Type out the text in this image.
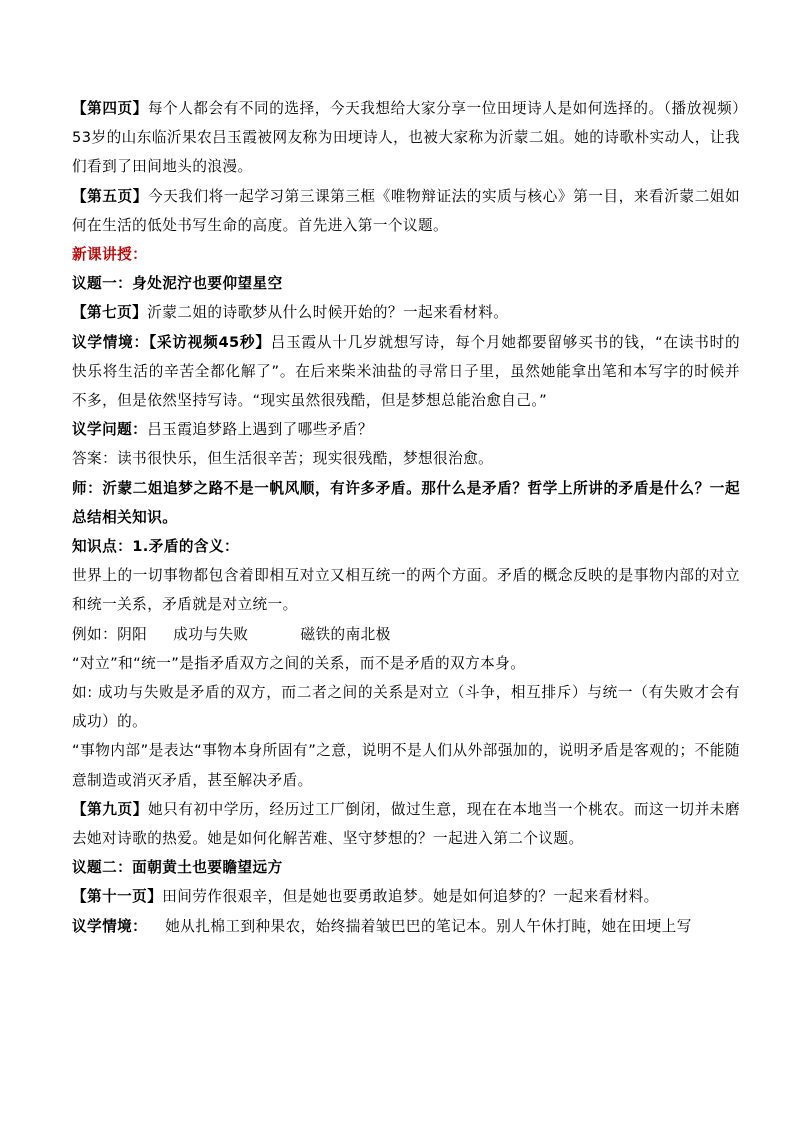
【第四页】每个人都会有不同的选择，今天我想给大家分享一位田埂诗人是如何选择的。（播放视频）53岁的山东临沂果农吕玉霞被网友称为田埂诗人，也被大家称为沂蒙二姐。她的诗歌朴实动人，让我们看到了田间地头的浪漫。

【第五页】今天我们将一起学习第三课第三框《唯物辩证法的实质与核心》第一目，来看沂蒙二姐如何在生活的低处书写生命的高度。首先进入第一个议题。

新课讲授：

议题一：身处泥泞也要仰望星空

【第七页】沂蒙二姐的诗歌梦从什么时候开始的？一起来看材料。

议学情境：【采访视频45秒】吕玉霞从十几岁就想写诗，每个月她都要留够买书的钱，“在读书时的快乐将生活的辛苦全都化解了”。在后来柴米油盐的寻常日子里，虽然她能拿出笔和本写字的时候并不多，但是依然坚持写诗。“现实虽然很残酷，但是梦想总能治愈自己。”

议学问题：吕玉霞追梦路上遇到了哪些矛盾？

答案：读书很快乐，但生活很辛苦；现实很残酷，梦想很治愈。

师：沂蒙二姐追梦之路不是一帆风顺，有许多矛盾。那什么是矛盾？哲学上所讲的矛盾是什么？一起总结相关知识。

知识点：1.矛盾的含义：

世界上的一切事物都包含着即相互对立又相互统一的两个方面。矛盾的概念反映的是事物内部的对立和统一关系，矛盾就是对立统一。

例如：阴阳 成功与失败	磁铁的南北极

“对立”和“统一”是指矛盾双方之间的关系，而不是矛盾的双方本身。

如: 成功与失败是矛盾的双方，而二者之间的关系是对立（斗争，相互排斥）与统一（有失败才会有成功）的。

“事物内部”是表达“事物本身所固有”之意，说明不是人们从外部强加的，说明矛盾是客观的；不能随意制造或消灭矛盾，甚至解决矛盾。

【第九页】她只有初中学历，经历过工厂倒闭，做过生意，现在在本地当一个桃农。而这一切并未磨去她对诗歌的热爱。她是如何化解苦难、坚守梦想的？一起进入第二个议题。

议题二：面朝黄土也要瞻望远方

【第十一页】田间劳作很艰辛，但是她也要勇敢追梦。她是如何追梦的？一起来看材料。

议学情境： 她从扎棉工到种果农，始终揣着皱巴巴的笔记本。别人午休打盹，她在田埂上写
